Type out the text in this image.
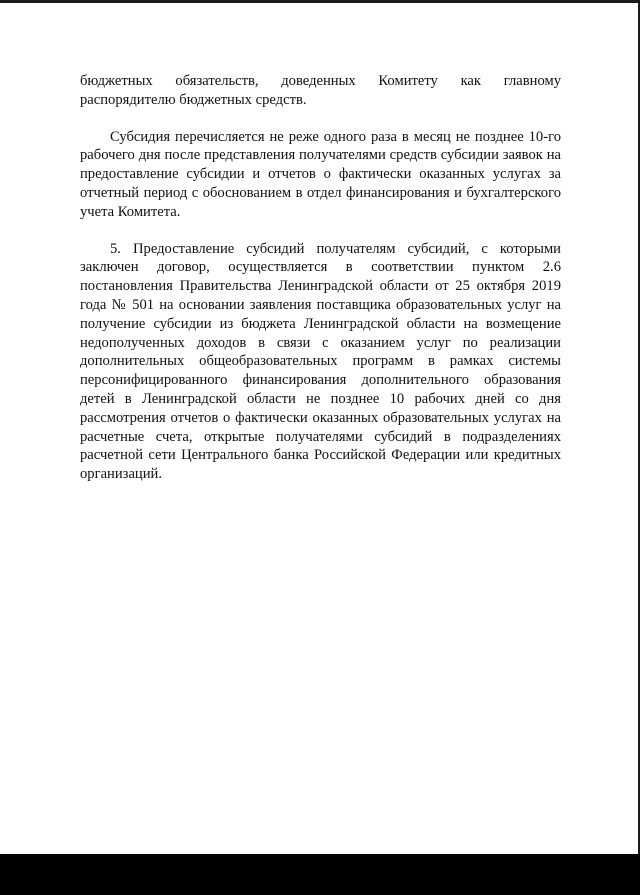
бюджетных обязательств, доведенных Комитету как главному распорядителю бюджетных средств.

Субсидия перечисляется не реже одного раза в месяц не позднее 10-го рабочего дня после представления получателями средств субсидии заявок на предоставление субсидии и отчетов о фактически оказанных услугах за отчетный период с обоснованием в отдел финансирования и бухгалтерского учета Комитета.

5. Предоставление субсидий получателям субсидий, с которыми заключен договор, осуществляется в соответствии пунктом 2.6 постановления Правительства Ленинградской области от 25 октября 2019 года № 501 на основании заявления поставщика образовательных услуг на получение субсидии из бюджета Ленинградской области на возмещение недополученных доходов в связи с оказанием услуг по реализации дополнительных общеобразовательных программ в рамках системы персонифицированного финансирования дополнительного образования детей в Ленинградской области не позднее 10 рабочих дней со дня рассмотрения отчетов о фактически оказанных образовательных услугах на расчетные счета, открытые получателями субсидий в подразделениях расчетной сети Центрального банка Российской Федерации или кредитных организаций.
